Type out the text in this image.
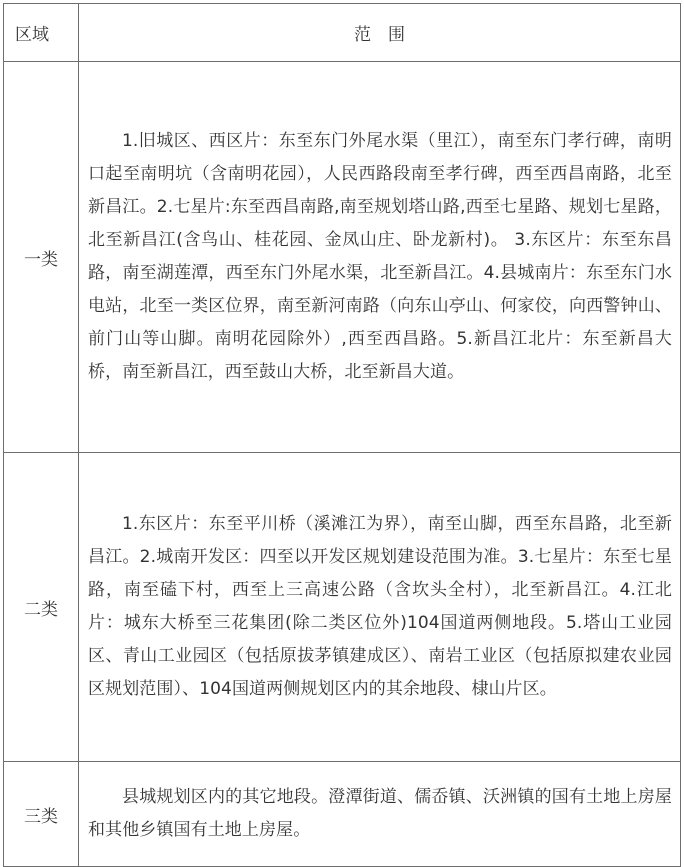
区域	范　围
一类	1.旧城区、西区片：东至东门外尾水渠（里江），南至东门孝行碑，南明口起至南明坑（含南明花园），人民西路段南至孝行碑，西至西昌南路，北至新昌江。2.七星片:东至西昌南路,南至规划塔山路,西至七星路、规划七星路，北至新昌江(含鸟山、桂花园、金凤山庄、卧龙新村)。 3.东区片：东至东昌路，南至湖莲潭，西至东门外尾水渠，北至新昌江。4.县城南片：东至东门水电站，北至一类区位界，南至新河南路（向东山亭山、何家佼，向西警钟山、前门山等山脚。南明花园除外）,西至西昌路。5.新昌江北片：东至新昌大桥，南至新昌江，西至鼓山大桥，北至新昌大道。
二类	1.东区片：东至平川桥（溪滩江为界），南至山脚，西至东昌路，北至新昌江。2.城南开发区：四至以开发区规划建设范围为准。3.七星片：东至七星路，南至磕下村，西至上三高速公路（含坎头全村），北至新昌江。4.江北片：城东大桥至三花集团(除二类区位外)104国道两侧地段。5.塔山工业园区、青山工业园区（包括原拔茅镇建成区）、南岩工业区（包括原拟建农业园区规划范围）、104国道两侧规划区内的其余地段、棣山片区。
三类	县城规划区内的其它地段。澄潭街道、儒岙镇、沃洲镇的国有土地上房屋和其他乡镇国有土地上房屋。
